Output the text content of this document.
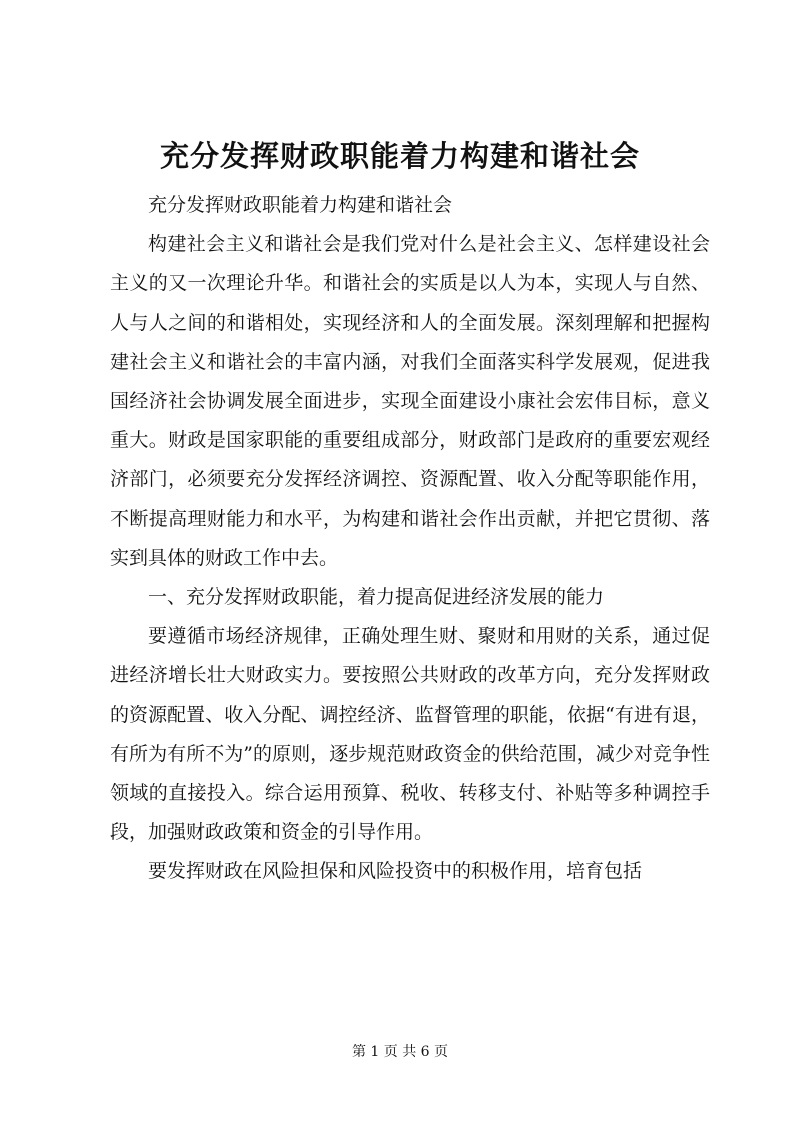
充分发挥财政职能着力构建和谐社会

充分发挥财政职能着力构建和谐社会

构建社会主义和谐社会是我们党对什么是社会主义、怎样建设社会主义的又一次理论升华。和谐社会的实质是以人为本，实现人与自然、人与人之间的和谐相处，实现经济和人的全面发展。深刻理解和把握构建社会主义和谐社会的丰富内涵，对我们全面落实科学发展观，促进我国经济社会协调发展全面进步，实现全面建设小康社会宏伟目标，意义重大。财政是国家职能的重要组成部分，财政部门是政府的重要宏观经济部门，必须要充分发挥经济调控、资源配置、收入分配等职能作用，不断提高理财能力和水平，为构建和谐社会作出贡献，并把它贯彻、落实到具体的财政工作中去。

一、充分发挥财政职能，着力提高促进经济发展的能力

要遵循市场经济规律，正确处理生财、聚财和用财的关系，通过促进经济增长壮大财政实力。要按照公共财政的改革方向，充分发挥财政的资源配置、收入分配、调控经济、监督管理的职能，依据“有进有退，有所为有所不为”的原则，逐步规范财政资金的供给范围，减少对竞争性领域的直接投入。综合运用预算、税收、转移支付、补贴等多种调控手段，加强财政政策和资金的引导作用。

要发挥财政在风险担保和风险投资中的积极作用，培育包括

第 1 页 共 6 页
